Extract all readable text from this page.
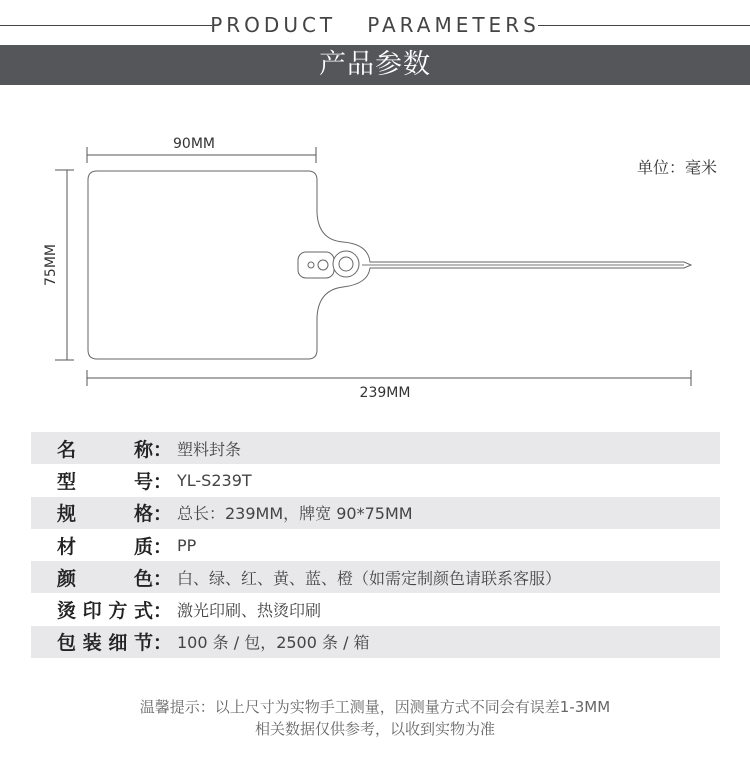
PRODUCT   PARAMETERS
产品参数
90MM
75MM
239MM
单位：毫米
名称 ： 塑料封条
型号 ： YL-S239T
规格 ： 总长：239MM，牌宽 90*75MM
材质 ： PP
颜色 ： 白、绿、红、黄、蓝、橙（如需定制颜色请联系客服）
烫印方式 ： 激光印刷、热烫印刷
包装细节 ： 100 条 / 包，2500 条 / 箱
温馨提示：以上尺寸为实物手工测量，因测量方式不同会有误差1-3MM
相关数据仅供参考，以收到实物为准
